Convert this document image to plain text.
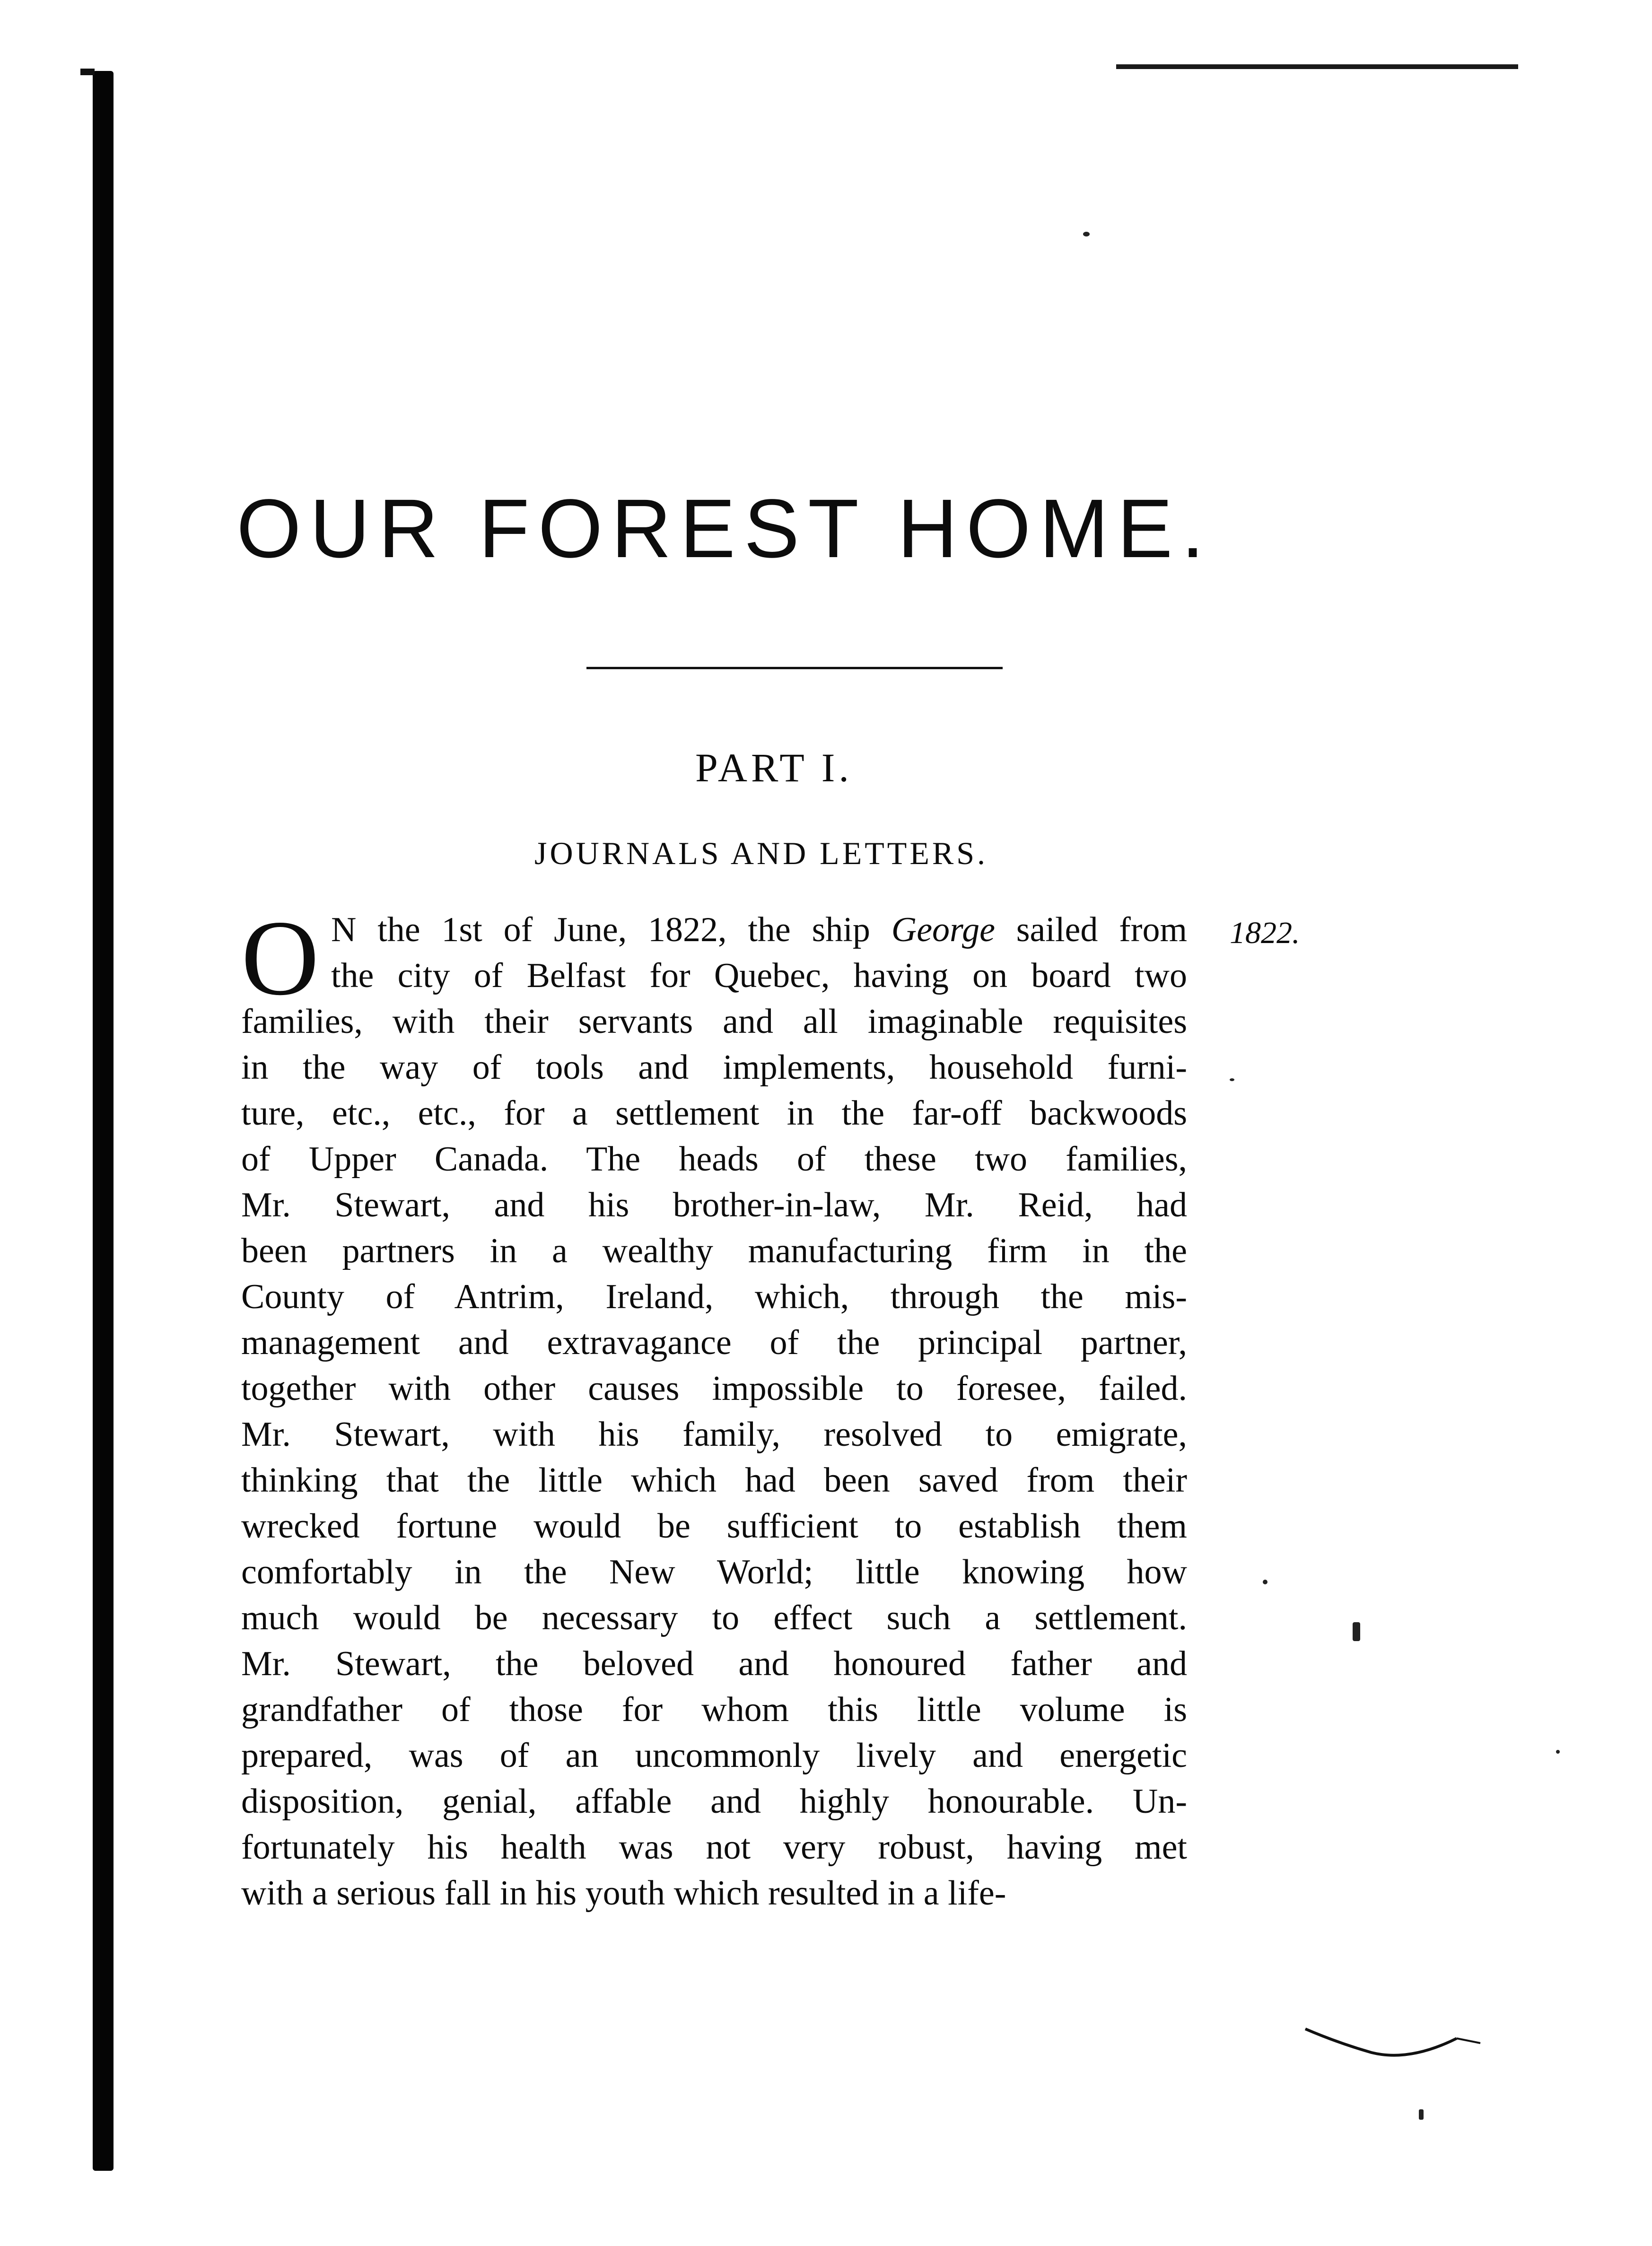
OUR FOREST HOME.
PART I.
JOURNALS AND LETTERS.
1822.
O N the 1st of June, 1822, the ship George sailed from
the city of Belfast for Quebec, having on board two
families, with their servants and all imaginable requisites
in the way of tools and implements, household furni-
ture, etc., etc., for a settlement in the far-off backwoods
of Upper Canada. The heads of these two families,
Mr. Stewart, and his brother-in-law, Mr. Reid, had
been partners in a wealthy manufacturing firm in the
County of Antrim, Ireland, which, through the mis-
management and extravagance of the principal partner,
together with other causes impossible to foresee, failed.
Mr. Stewart, with his family, resolved to emigrate,
thinking that the little which had been saved from their
wrecked fortune would be sufficient to establish them
comfortably in the New World; little knowing how
much would be necessary to effect such a settlement.
Mr. Stewart, the beloved and honoured father and
grandfather of those for whom this little volume is
prepared, was of an uncommonly lively and energetic
disposition, genial, affable and highly honourable. Un-
fortunately his health was not very robust, having met
with a serious fall in his youth which resulted in a life-
